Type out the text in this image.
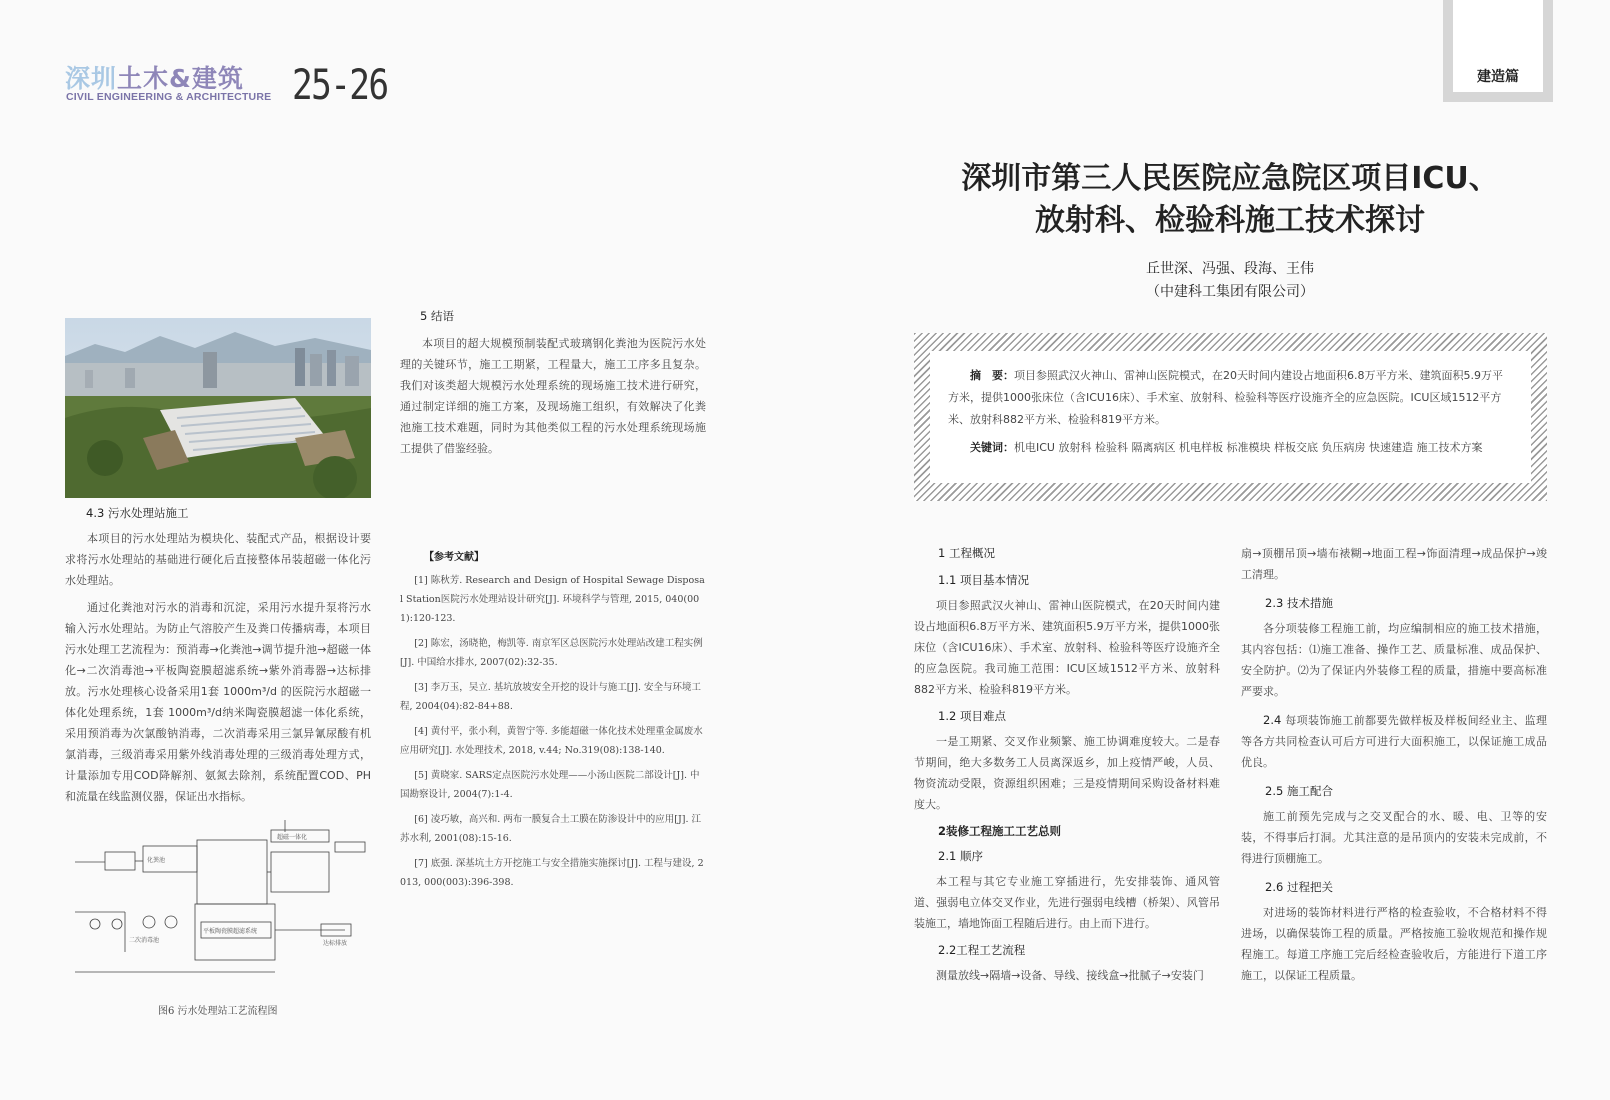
深圳土木&建筑
CIVIL ENGINEERING & ARCHITECTURE 25-26	建造篇
4.3 污水处理站施工

本项目的污水处理站为模块化、装配式产品，根据设计要求将污水处理站的基础进行硬化后直接整体吊装超磁一体化污水处理站。

通过化粪池对污水的消毒和沉淀，采用污水提升泵将污水输入污水处理站。为防止气溶胶产生及粪口传播病毒，本项目污水处理工艺流程为：预消毒→化粪池→调节提升池→超磁一体化→二次消毒池→平板陶瓷膜超滤系统→紫外消毒器→达标排放。污水处理核心设备采用1套 1000m³/d 的医院污水超磁一体化处理系统，1套 1000m³/d纳米陶瓷膜超滤一体化系统，采用预消毒为次氯酸钠消毒，二次消毒采用三氯异氰尿酸有机氯消毒，三级消毒采用紫外线消毒处理的三级消毒处理方式，计量添加专用COD降解剂、氨氮去除剂，系统配置COD、PH和流量在线监测仪器，保证出水指标。

超磁一体化
平板陶瓷膜超滤系统
二次消毒池
化粪池
达标排放
图6 污水处理站工艺流程图
5 结语

本项目的超大规模预制装配式玻璃钢化粪池为医院污水处理的关键环节，施工工期紧，工程量大，施工工序多且复杂。我们对该类超大规模污水处理系统的现场施工技术进行研究，通过制定详细的施工方案，及现场施工组织，有效解决了化粪池施工技术难题，同时为其他类似工程的污水处理系统现场施工提供了借鉴经验。

【参考文献】
[1] 陈秋芳. Research and Design of Hospital Sewage Disposal Station医院污水处理站设计研究[J]. 环境科学与管理, 2015, 040(001):120-123.
[2] 陈宏，汤晓艳，梅凯等. 南京军区总医院污水处理站改建工程实例[J]. 中国给水排水, 2007(02):32-35.
[3] 李万玉，吴立. 基坑放坡安全开挖的设计与施工[J]. 安全与环境工程, 2004(04):82-84+88.
[4] 黄付平，张小利，黄智宁等. 多能超磁一体化技术处理重金属废水应用研究[J]. 水处理技术, 2018, v.44; No.319(08):138-140.
[5] 黄晓家. SARS定点医院污水处理——小汤山医院二部设计[J]. 中国勘察设计, 2004(7):1-4.
[6] 凌巧敏，高兴和. 两布一膜复合土工膜在防渗设计中的应用[J]. 江苏水利, 2001(08):15-16.
[7] 底强. 深基坑土方开挖施工与安全措施实施探讨[J]. 工程与建设, 2013, 000(003):396-398.
深圳市第三人民医院应急院区项目ICU、
放射科、检验科施工技术探讨
丘世深、冯强、段海、王伟
（中建科工集团有限公司）
摘　要：项目参照武汉火神山、雷神山医院模式，在20天时间内建设占地面积6.8万平方米、建筑面积5.9万平方米，提供1000张床位（含ICU16床）、手术室、放射科、检验科等医疗设施齐全的应急医院。ICU区域1512平方米、放射科882平方米、检验科819平方米。
关键词：机电ICU 放射科 检验科 隔离病区 机电样板 标准模块 样板交底 负压病房 快速建造 施工技术方案
1 工程概况
1.1 项目基本情况

项目参照武汉火神山、雷神山医院模式，在20天时间内建设占地面积6.8万平方米、建筑面积5.9万平方米，提供1000张床位（含ICU16床）、手术室、放射科、检验科等医疗设施齐全的应急医院。我司施工范围：ICU区域1512平方米、放射科882平方米、检验科819平方米。

1.2 项目难点

一是工期紧、交叉作业频繁、施工协调难度较大。二是春节期间，绝大多数务工人员离深返乡，加上疫情严峻，人员、物资流动受限，资源组织困难；三是疫情期间采购设备材料难度大。

2装修工程施工工艺总则
2.1 顺序

本工程与其它专业施工穿插进行，先安排装饰、通风管道、强弱电立体交叉作业，先进行强弱电线槽（桥架）、风管吊装施工，墙地饰面工程随后进行。由上而下进行。

2.2工程工艺流程

测量放线→隔墙→设备、导线、接线盒→批腻子→安装门

扇→顶棚吊顶→墙布裱糊→地面工程→饰面清理→成品保护→竣工清理。

2.3 技术措施

各分项装修工程施工前，均应编制相应的施工技术措施，其内容包括：⑴施工准备、操作工艺、质量标准、成品保护、安全防护。⑵为了保证内外装修工程的质量，措施中要高标准严要求。

2.4 每项装饰施工前都要先做样板及样板间经业主、监理等各方共同检查认可后方可进行大面积施工，以保证施工成品优良。
2.5 施工配合

施工前预先完成与之交叉配合的水、暖、电、卫等的安装，不得事后打洞。尤其注意的是吊顶内的安装未完成前，不得进行顶棚施工。

2.6 过程把关

对进场的装饰材料进行严格的检查验收，不合格材料不得进场，以确保装饰工程的质量。严格按施工验收规范和操作规程施工。每道工序施工完后经检查验收后，方能进行下道工序施工，以保证工程质量。
